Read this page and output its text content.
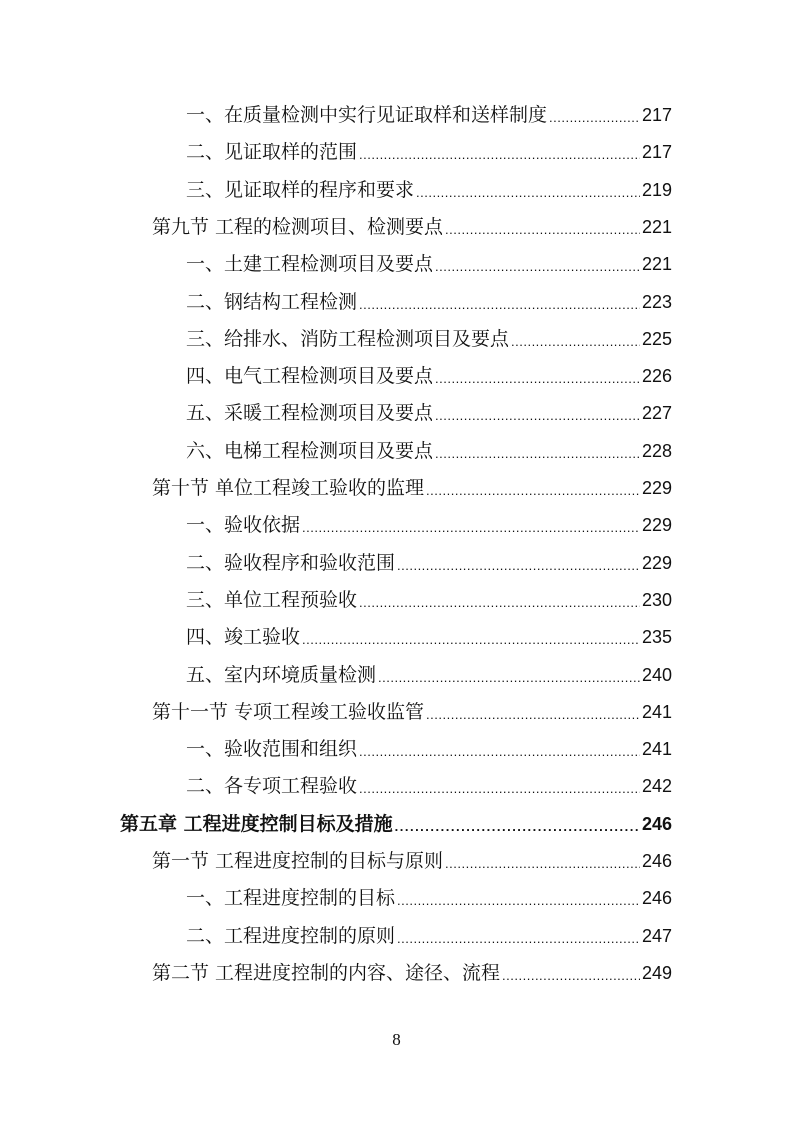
一、在质量检测中实行见证取样和送样制度 .....	217
二、见证取样的范围 .....	217
三、见证取样的程序和要求 .....	219
第九节 工程的检测项目、检测要点 .....	221
一、土建工程检测项目及要点 .....	221
二、钢结构工程检测 .....	223
三、给排水、消防工程检测项目及要点 .....	225
四、电气工程检测项目及要点 .....	226
五、采暖工程检测项目及要点 .....	227
六、电梯工程检测项目及要点 .....	228
第十节 单位工程竣工验收的监理 .....	229
一、验收依据 .....	229
二、验收程序和验收范围 .....	229
三、单位工程预验收 .....	230
四、竣工验收 .....	235
五、室内环境质量检测 .....	240
第十一节 专项工程竣工验收监管 .....	241
一、验收范围和组织 .....	241
二、各专项工程验收 .....	242
第五章 工程进度控制目标及措施 .....	246
第一节 工程进度控制的目标与原则 .....	246
一、工程进度控制的目标 .....	246
二、工程进度控制的原则 .....	247
第二节 工程进度控制的内容、途径、流程 .....	249
8
